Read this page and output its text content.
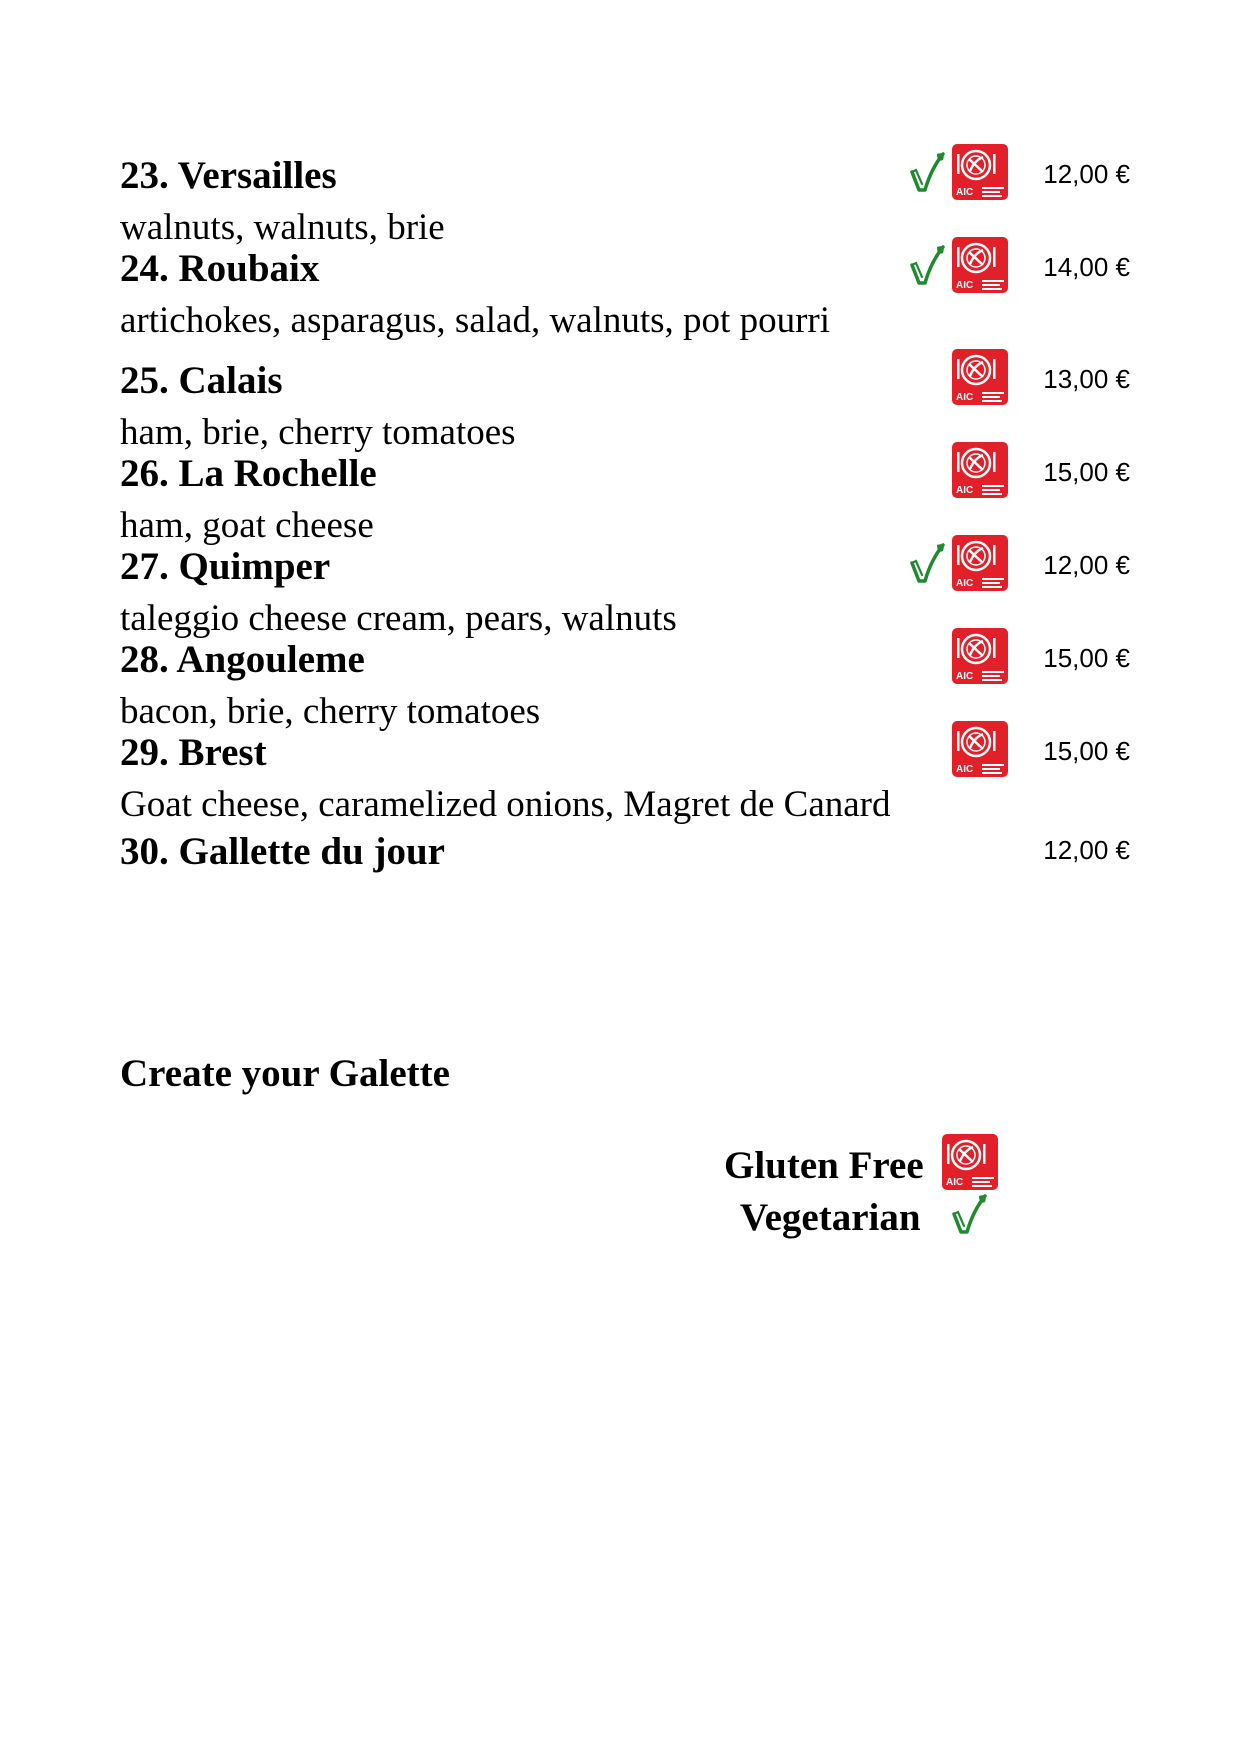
23. Versailles	AIC
12,00 €
walnuts, walnuts, brie
24. Roubaix	AIC
14,00 €
artichokes, asparagus, salad, walnuts, pot pourri
25. Calais	AIC
13,00 €
ham, brie, cherry tomatoes
26. La Rochelle	AIC
15,00 €
ham, goat cheese
27. Quimper	AIC
12,00 €
taleggio cheese cream, pears, walnuts
28. Angouleme	AIC
15,00 €
bacon, brie, cherry tomatoes
29. Brest	AIC
15,00 €
Goat cheese, caramelized onions, Magret de Canard
30. Gallette du jour	12,00 €
Create your Galette
Gluten Free AIC
Vegetarian
